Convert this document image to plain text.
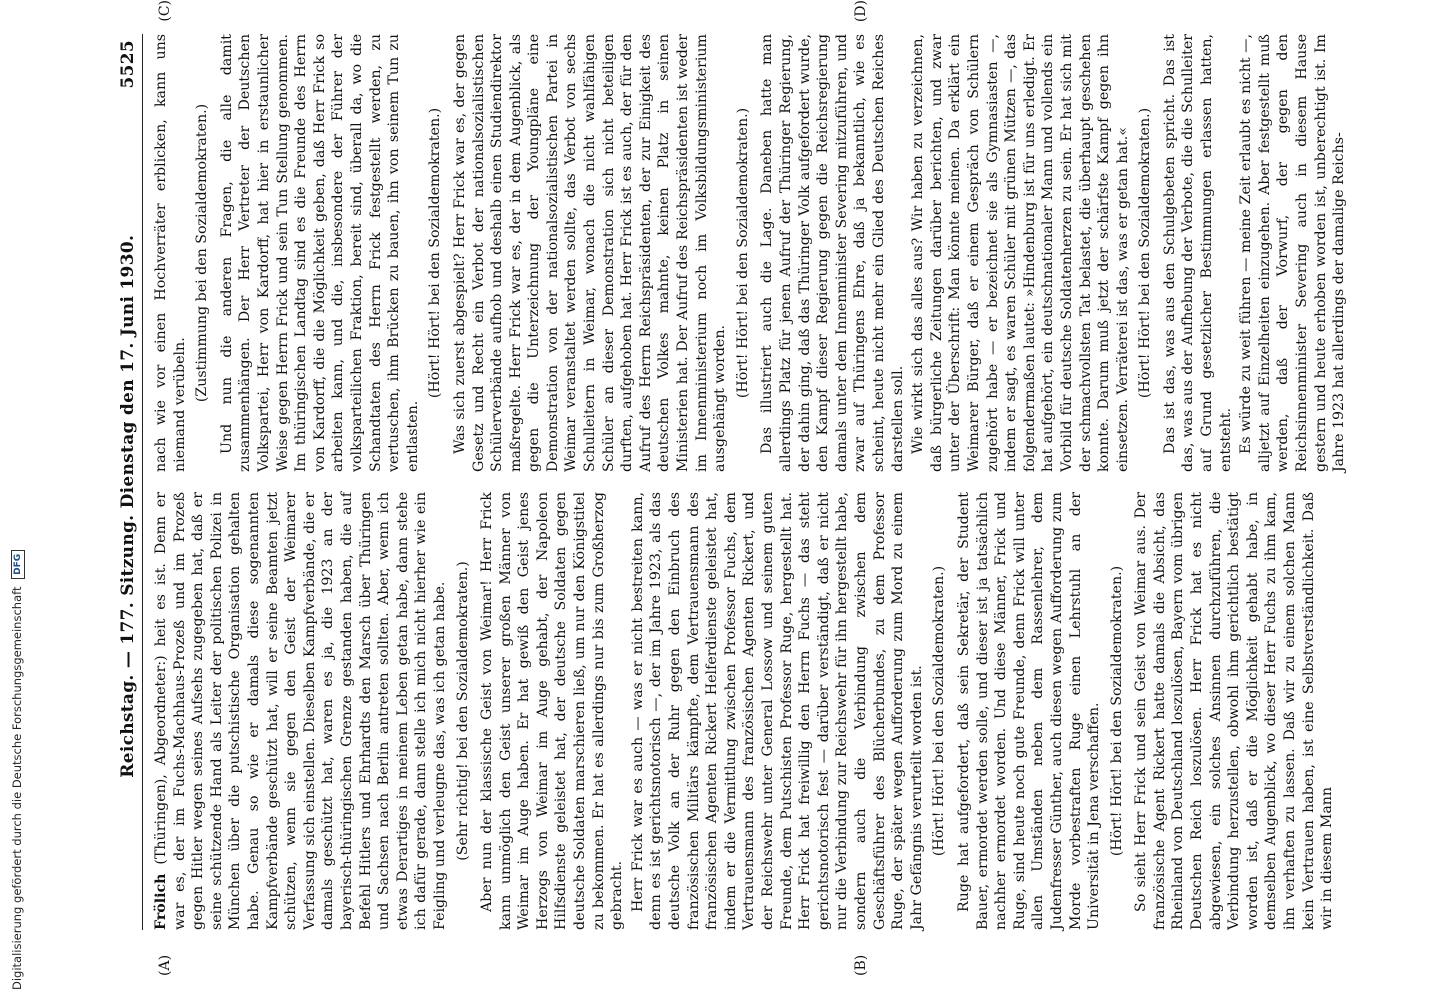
Digitalisierung gefördert durch die Deutsche Forschungsgemeinschaft DFG	Reichstag. — 177. Sitzung. Dienstag den 17. Juni 1930.
5525
(A)	(B)

Frölich (Thüringen), Abgeordneter:) heit es ist. Denn er war es, der im Fuchs-Machhaus-Prozeß und im Prozeß gegen Hitler wegen seines Aufsehs zugegeben hat, daß er seine schützende Hand als Leiter der politischen Polizei in München über die putschistische Organisation gehalten habe. Genau so wie er damals diese sogenannten Kampfverbände geschützt hat, will er seine Beamten jetzt schützen, wenn sie gegen den Geist der Weimarer Verfassung sich einstellen. Dieselben Kampfverbände, die er damals geschützt hat, waren es ja, die 1923 an der bayerisch-thüringischen Grenze gestanden haben, die auf Befehl Hitlers und Ehrhardts den Marsch über Thüringen und Sachsen nach Berlin antreten sollten. Aber, wenn ich etwas Derartiges in meinem Leben getan habe, dann stehe ich dafür gerade, dann stelle ich mich nicht hierher wie ein Feigling und verleugne das, was ich getan habe. (Sehr richtig! bei den Sozialdemokraten.) Aber nun der klassische Geist von Weimar! Herr Frick kann unmöglich den Geist unserer großen Männer von Weimar im Auge haben. Er hat gewiß den Geist jenes Herzogs von Weimar im Auge gehabt, der Napoleon Hilfsdienste geleistet hat, der deutsche Soldaten gegen deutsche Soldaten marschieren ließ, um nur den Königstitel zu bekommen. Er hat es allerdings nur bis zum Großherzog gebracht. Herr Frick war es auch — was er nicht bestreiten kann, denn es ist gerichtsnotorisch —, der im Jahre 1923, als das deutsche Volk an der Ruhr gegen den Einbruch des französischen Militärs kämpfte, dem Vertrauensmann des französischen Agenten Rickert Helferdienste geleistet hat, indem er die Vermittlung zwischen Professor Fuchs, dem Vertrauensmann des französischen Agenten Rickert, und der Reichswehr unter General Lossow und seinem guten Freunde, dem Putschisten Professor Ruge, hergestellt hat. Herr Frick hat freiwillig den Herrn Fuchs — das steht gerichtsnotorisch fest — darüber verständigt, daß er nicht nur die Verbindung zur Reichswehr für ihn hergestellt habe, sondern auch die Verbindung zwischen dem Geschäftsführer des Blücherbundes, zu dem Professor Ruge, der später wegen Aufforderung zum Mord zu einem Jahr Gefängnis verurteilt worden ist. (Hört! Hört! bei den Sozialdemokraten.) Ruge hat aufgefordert, daß sein Sekretär, der Student Bauer, ermordet werden solle, und dieser ist ja tatsächlich nachher ermordet worden. Und diese Männer, Frick und Ruge, sind heute noch gute Freunde, denn Frick will unter allen Umständen neben dem Rassenlehrer, dem Judenfresser Günther, auch diesen wegen Aufforderung zum Morde vorbestraften Ruge einen Lehrstuhl an der Universität in Jena verschaffen. (Hört! Hört! bei den Sozialdemokraten.) So sieht Herr Frick und sein Geist von Weimar aus. Der französische Agent Rickert hatte damals die Absicht, das Rheinland von Deutschland loszulösen, Bayern vom übrigen Deutschen Reich loszulösen. Herr Frick hat es nicht abgewiesen, ein solches Ansinnen durchzuführen, die Verbindung herzustellen, obwohl ihm gerichtlich bestätigt worden ist, daß er die Möglichkeit gehabt habe, in demselben Augenblick, wo dieser Herr Fuchs zu ihm kam, ihn verhaften zu lassen. Daß wir zu einem solchen Mann kein Vertrauen haben, ist eine Selbstverständlichkeit. Daß wir in diesem Mann

(C)	(D)

nach wie vor einen Hochverräter erblicken, kann uns niemand verübeln.

(Zustimmung bei den Sozialdemokraten.) Und nun die anderen Fragen, die alle damit zusammenhängen. Der Herr Vertreter der Deutschen Volkspartei, Herr von Kardorff, hat hier in erstaunlicher Weise gegen Herrn Frick und sein Tun Stellung genommen. Im thüringischen Landtag sind es die Freunde des Herrn von Kardorff, die die Möglichkeit geben, daß Herr Frick so arbeiten kann, und die, insbesondere der Führer der volksparteilichen Fraktion, bereit sind, überall da, wo die Schandtaten des Herrn Frick festgestellt werden, zu vertuschen, ihm Brücken zu bauen, ihn von seinem Tun zu entlasten.

(Hört! Hört! bei den Sozialdemokraten.) Was sich zuerst abgespielt? Herr Frick war es, der gegen Gesetz und Recht ein Verbot der nationalsozialistischen Schülerverbände aufhob und deshalb einen Studiendirektor maßregelte. Herr Frick war es, der in dem Augenblick, als gegen die Unterzeichnung der Youngpläne eine Demonstration von der nationalsozialistischen Partei in Weimar veranstaltet werden sollte, das Verbot von sechs Schulleitern in Weimar, wonach die nicht wahlfähigen Schüler an dieser Demonstration sich nicht beteiligen durften, aufgehoben hat. Herr Frick ist es auch, der für den Aufruf des Herrn Reichspräsidenten, der zur Einigkeit des deutschen Volkes mahnte, keinen Platz in seinen Ministerien hat. Der Aufruf des Reichspräsidenten ist weder im Innenministerium noch im Volksbildungsministerium ausgehängt worden.

(Hört! Hört! bei den Sozialdemokraten.) Das illustriert auch die Lage. Daneben hatte man allerdings Platz für jenen Aufruf der Thüringer Regierung, der dahin ging, daß das Thüringer Volk aufgefordert wurde, den Kampf dieser Regierung gegen die Reichsregierung damals unter dem Innenminister Severing mitzuführen, und zwar auf Thüringens Ehre, daß ja bekanntlich, wie es scheint, heute nicht mehr ein Glied des Deutschen Reiches darstellen soll. Wie wirkt sich das alles aus? Wir haben zu verzeichnen, daß bürgerliche Zeitungen darüber berichten, und zwar unter der Überschrift: Man könnte meinen. Da erklärt ein Weimarer Bürger, daß er einem Gespräch von Schülern zugehört habe — er bezeichnet sie als Gymnasiasten —, indem er sagt, es waren Schüler mit grünen Mützen —, das folgendermaßen lautet: »Hindenburg ist für uns erledigt. Er hat aufgehört, ein deutschnationaler Mann und vollends ein Vorbild für deutsche Soldatenherzen zu sein. Er hat sich mit der schmachvollsten Tat belastet, die überhaupt geschehen konnte. Darum muß jetzt der schärfste Kampf gegen ihn einsetzen. Verräterei ist das, was er getan hat.« (Hört! Hört! bei den Sozialdemokraten.) Das ist das, was aus den Schulgebeten spricht. Das ist das, was aus der Aufhebung der Verbote, die die Schulleiter auf Grund gesetzlicher Bestimmungen erlassen hatten, entsteht. Es würde zu weit führen — meine Zeit erlaubt es nicht —, alljetzt auf Einzelheiten einzugehen. Aber festgestellt muß werden, daß der Vorwurf, der gegen den Reichsinnenminister Severing auch in diesem Hause gestern und heute erhoben worden ist, unberechtigt ist. Im Jahre 1923 hat allerdings der damalige Reichs-
